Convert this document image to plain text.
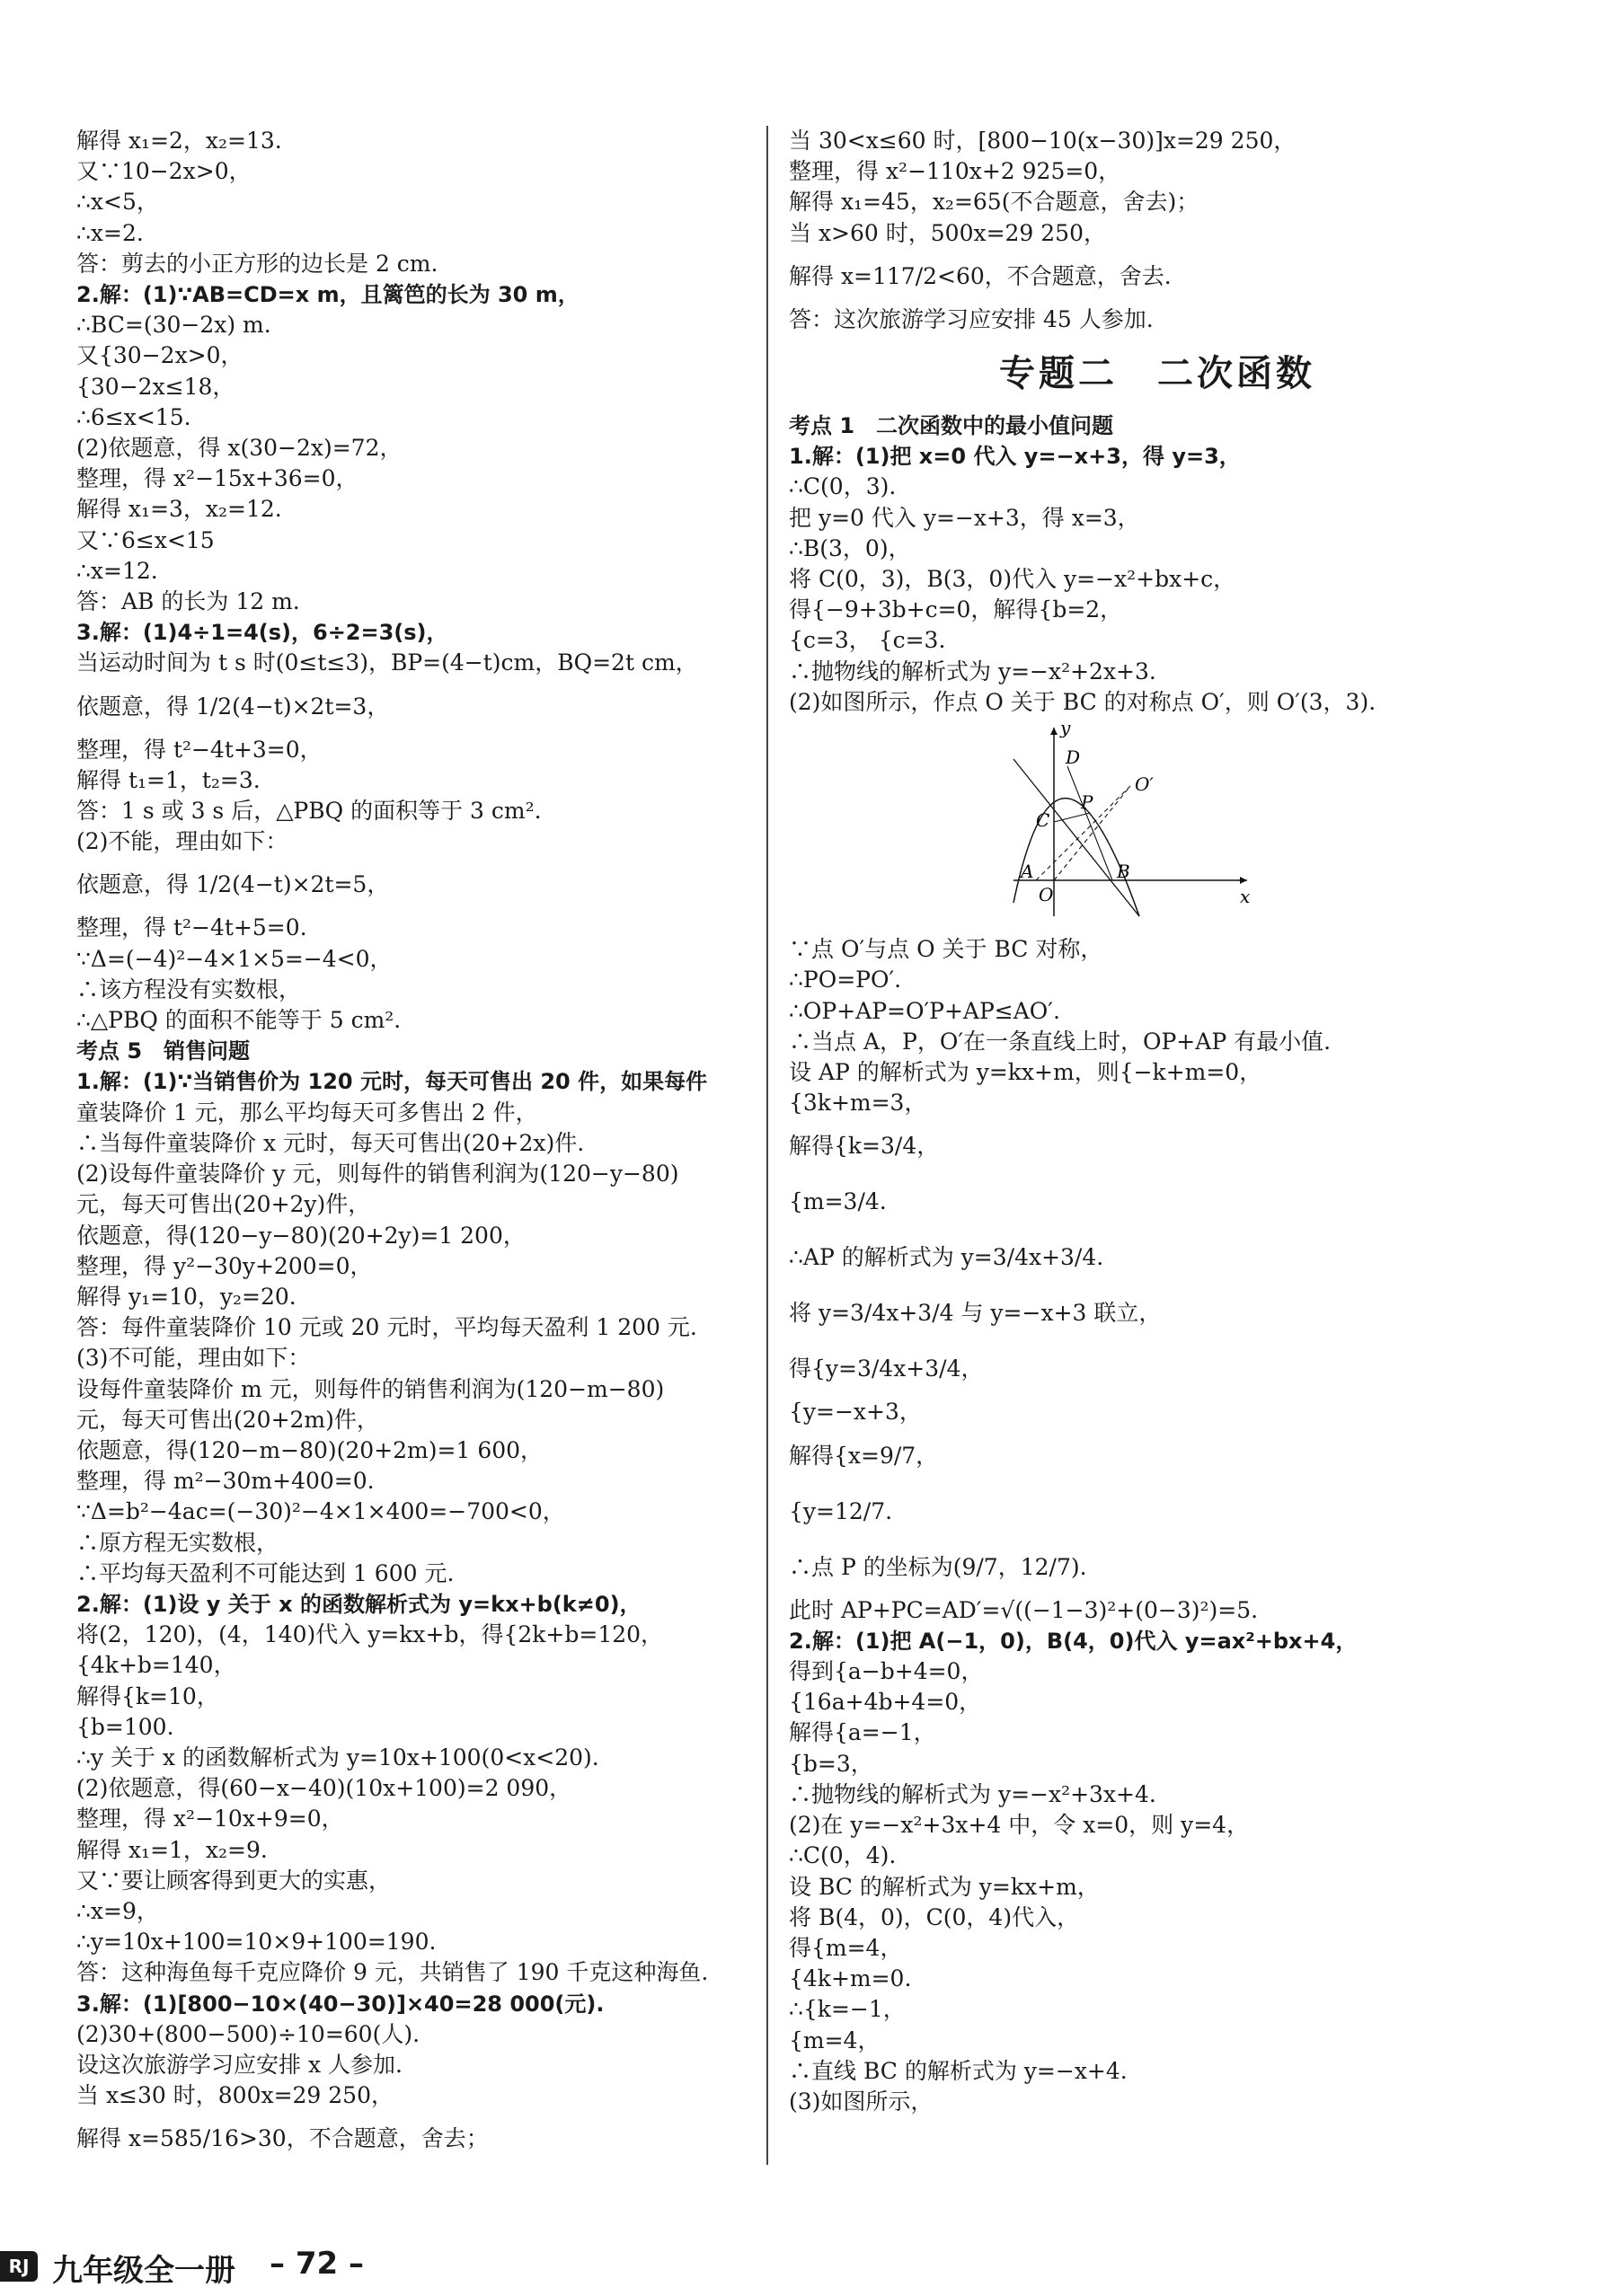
解得 x₁=2，x₂=13.
又∵10−2x>0，
∴x<5，
∴x=2.
答：剪去的小正方形的边长是 2 cm.
2.解：(1)∵AB=CD=x m，且篱笆的长为 30 m，
∴BC=(30−2x) m.
又{30−2x>0，
{30−2x≤18，
∴6≤x<15.
(2)依题意，得 x(30−2x)=72，
整理，得 x²−15x+36=0，
解得 x₁=3，x₂=12.
又∵6≤x<15
∴x=12.
答：AB 的长为 12 m.
3.解：(1)4÷1=4(s)，6÷2=3(s)，
当运动时间为 t s 时(0≤t≤3)，BP=(4−t)cm，BQ=2t cm，
依题意，得 1/2(4−t)×2t=3，
整理，得 t²−4t+3=0，
解得 t₁=1，t₂=3.
答：1 s 或 3 s 后，△PBQ 的面积等于 3 cm².
(2)不能，理由如下：
依题意，得 1/2(4−t)×2t=5，
整理，得 t²−4t+5=0.
∵Δ=(−4)²−4×1×5=−4<0，
∴该方程没有实数根，
∴△PBQ 的面积不能等于 5 cm².
考点 5　销售问题
1.解：(1)∵当销售价为 120 元时，每天可售出 20 件，如果每件
童装降价 1 元，那么平均每天可多售出 2 件，
∴当每件童装降价 x 元时，每天可售出(20+2x)件.
(2)设每件童装降价 y 元，则每件的销售利润为(120−y−80)
元，每天可售出(20+2y)件，
依题意，得(120−y−80)(20+2y)=1 200，
整理，得 y²−30y+200=0，
解得 y₁=10，y₂=20.
答：每件童装降价 10 元或 20 元时，平均每天盈利 1 200 元.
(3)不可能，理由如下：
设每件童装降价 m 元，则每件的销售利润为(120−m−80)
元，每天可售出(20+2m)件，
依题意，得(120−m−80)(20+2m)=1 600，
整理，得 m²−30m+400=0.
∵Δ=b²−4ac=(−30)²−4×1×400=−700<0，
∴原方程无实数根，
∴平均每天盈利不可能达到 1 600 元.
2.解：(1)设 y 关于 x 的函数解析式为 y=kx+b(k≠0)，
将(2，120)，(4，140)代入 y=kx+b，得{2k+b=120，
{4k+b=140，
解得{k=10，
{b=100.
∴y 关于 x 的函数解析式为 y=10x+100(0<x<20).
(2)依题意，得(60−x−40)(10x+100)=2 090，
整理，得 x²−10x+9=0，
解得 x₁=1，x₂=9.
又∵要让顾客得到更大的实惠，
∴x=9，
∴y=10x+100=10×9+100=190.
答：这种海鱼每千克应降价 9 元，共销售了 190 千克这种海鱼.
3.解：(1)[800−10×(40−30)]×40=28 000(元).
(2)30+(800−500)÷10=60(人).
设这次旅游学习应安排 x 人参加.
当 x≤30 时，800x=29 250，
解得 x=585/16>30，不合题意，舍去；
当 30<x≤60 时，[800−10(x−30)]x=29 250，
整理，得 x²−110x+2 925=0，
解得 x₁=45，x₂=65(不合题意，舍去)；
当 x>60 时，500x=29 250，
解得 x=117/2<60，不合题意，舍去.
答：这次旅游学习应安排 45 人参加.
专题二　二次函数
考点 1　二次函数中的最小值问题
1.解：(1)把 x=0 代入 y=−x+3，得 y=3，
∴C(0，3).
把 y=0 代入 y=−x+3，得 x=3，
∴B(3，0)，
将 C(0，3)，B(3，0)代入 y=−x²+bx+c，
得{−9+3b+c=0，解得{b=2，
{c=3， {c=3.
∴抛物线的解析式为 y=−x²+2x+3.
(2)如图所示，作点 O 关于 BC 的对称点 O′，则 O′(3，3).
y
x
D
C
P
O′
A
O
B
∵点 O′与点 O 关于 BC 对称，
∴PO=PO′.
∴OP+AP=O′P+AP≤AO′.
∴当点 A，P，O′在一条直线上时，OP+AP 有最小值.
设 AP 的解析式为 y=kx+m，则{−k+m=0，
{3k+m=3，
解得{k=3/4，
{m=3/4.
∴AP 的解析式为 y=3/4x+3/4.
将 y=3/4x+3/4 与 y=−x+3 联立，
得{y=3/4x+3/4，
{y=−x+3，
解得{x=9/7，
{y=12/7.
∴点 P 的坐标为(9/7，12/7).
此时 AP+PC=AD′=√((−1−3)²+(0−3)²)=5.
2.解：(1)把 A(−1，0)，B(4，0)代入 y=ax²+bx+4，
得到{a−b+4=0，
{16a+4b+4=0，
解得{a=−1，
{b=3，
∴抛物线的解析式为 y=−x²+3x+4.
(2)在 y=−x²+3x+4 中，令 x=0，则 y=4，
∴C(0，4).
设 BC 的解析式为 y=kx+m，
将 B(4，0)，C(0，4)代入，
得{m=4，
{4k+m=0.
∴{k=−1，
{m=4，
∴直线 BC 的解析式为 y=−x+4.
(3)如图所示，
RJ 九年级全一册 – 72 –
